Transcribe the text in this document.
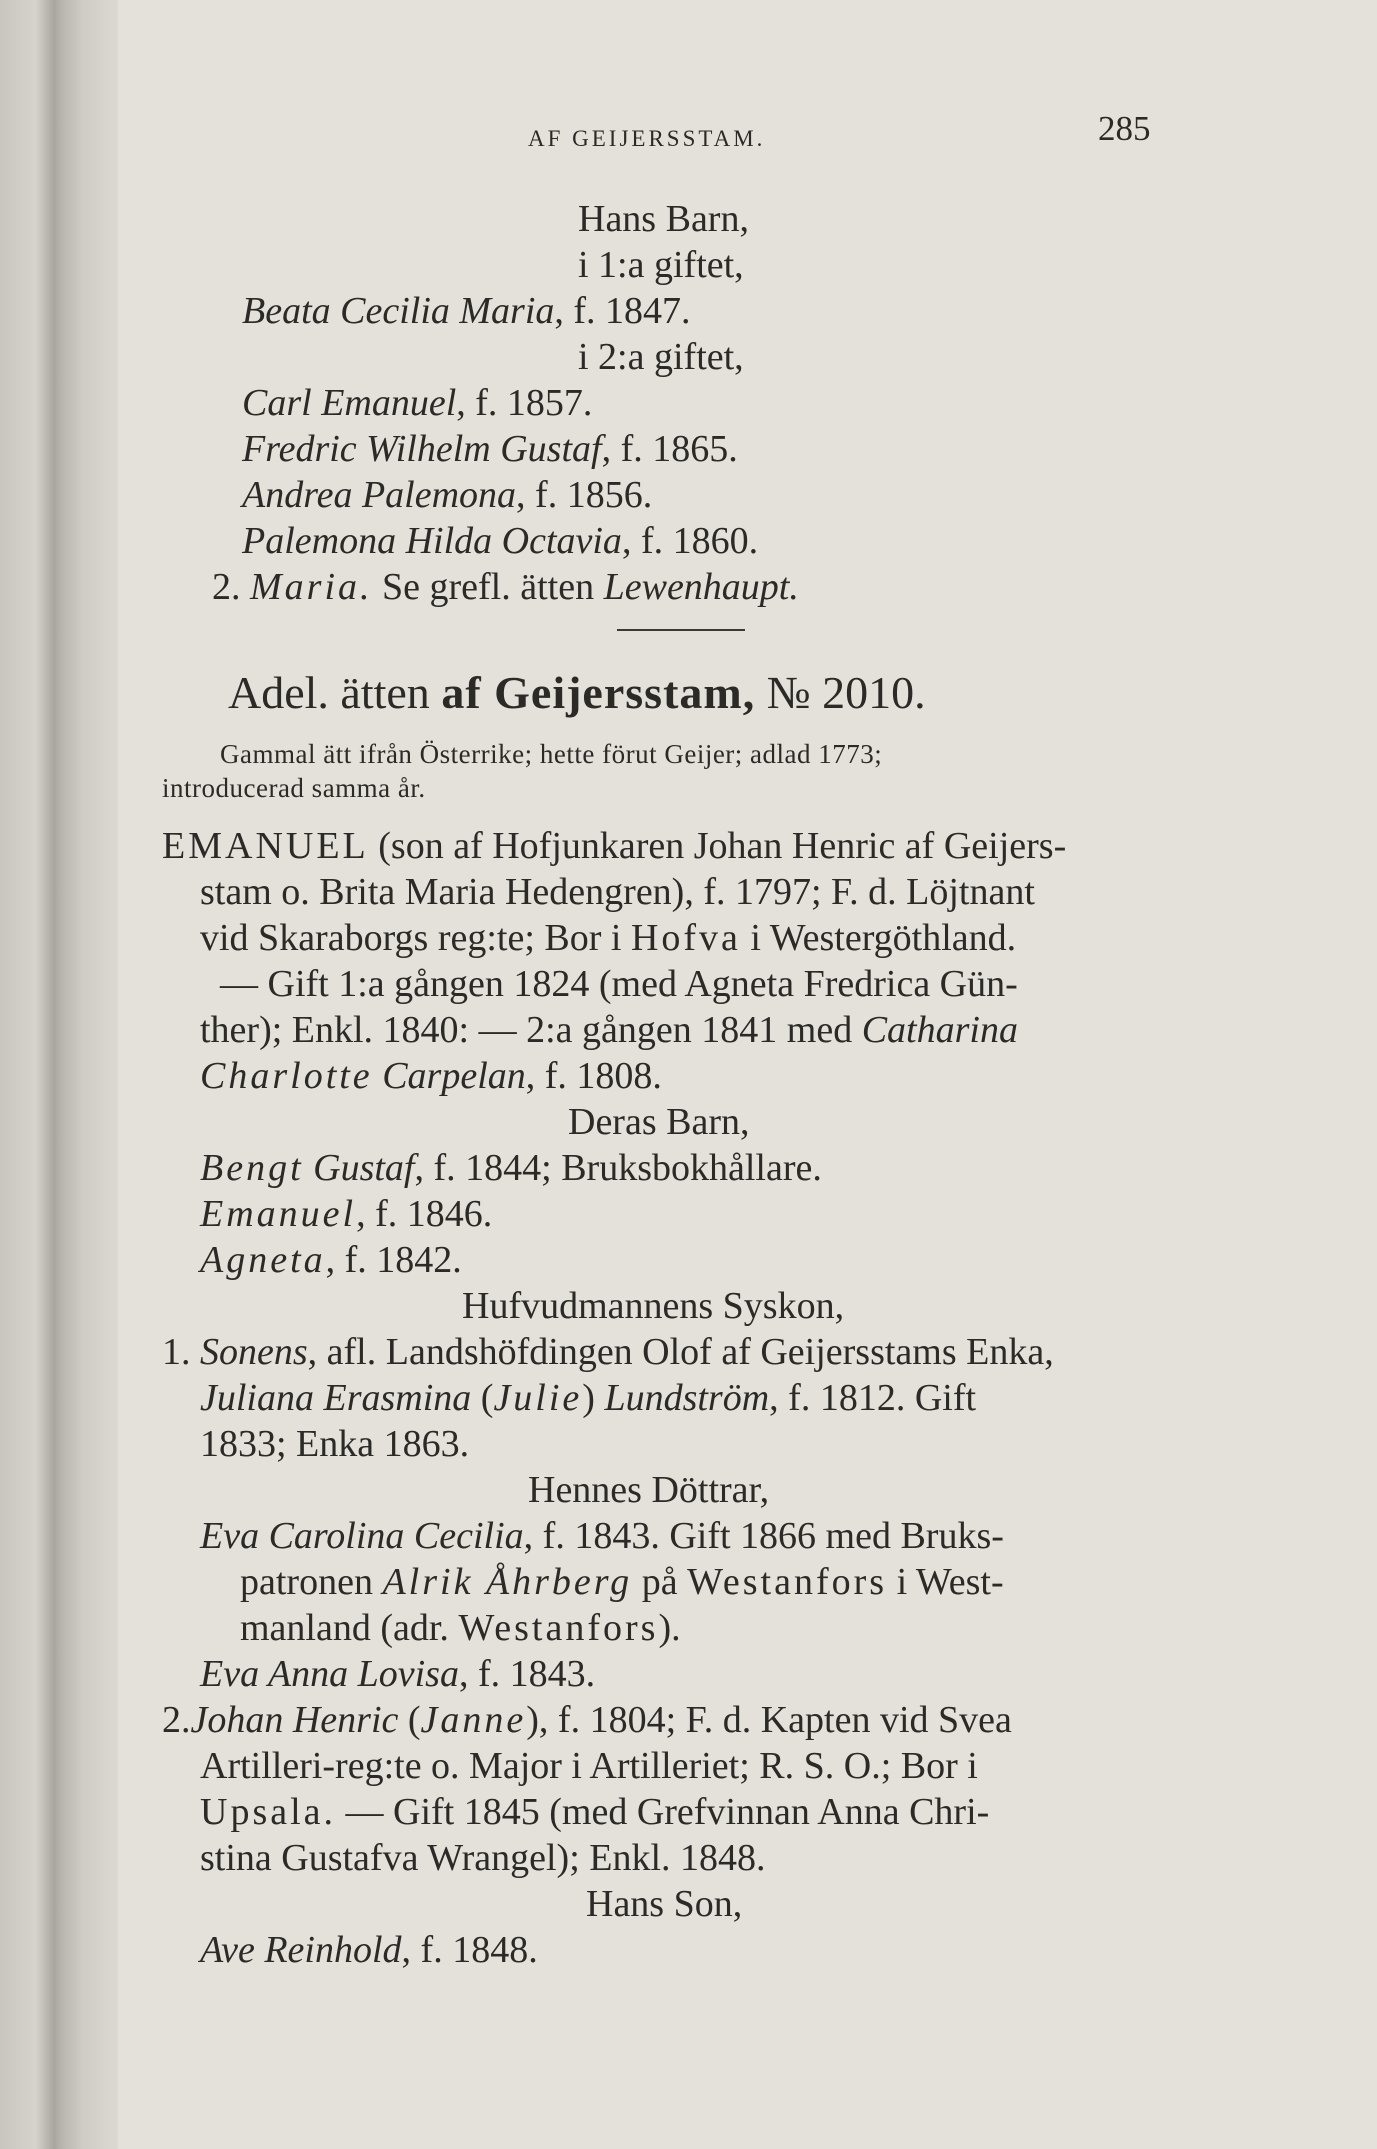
AF GEIJERSSTAM.	285
Hans Barn,
i 1:a giftet,
Beata Cecilia Maria, f. 1847.
i 2:a giftet,
Carl Emanuel, f. 1857.
Fredric Wilhelm Gustaf, f. 1865.
Andrea Palemona, f. 1856.
Palemona Hilda Octavia, f. 1860.
2. Maria. Se grefl. ätten Lewenhaupt.
Adel. ätten af Geijersstam, № 2010.
Gammal ätt ifrån Österrike; hette förut Geijer; adlad 1773;
introducerad samma år.
EMANUEL (son af Hofjunkaren Johan Henric af Geijers-
stam o. Brita Maria Hedengren), f. 1797; F. d. Löjtnant
vid Skaraborgs reg:te; Bor i Hofva i Westergöthland.
— Gift 1:a gången 1824 (med Agneta Fredrica Gün-
ther); Enkl. 1840: — 2:a gången 1841 med Catharina
Charlotte Carpelan, f. 1808.
Deras Barn,
Bengt Gustaf, f. 1844; Bruksbokhållare.
Emanuel, f. 1846.
Agneta, f. 1842.
Hufvudmannens Syskon,
1. Sonens, afl. Landshöfdingen Olof af Geijersstams Enka,
Juliana Erasmina (Julie) Lundström, f. 1812. Gift
1833; Enka 1863.
Hennes Döttrar,
Eva Carolina Cecilia, f. 1843. Gift 1866 med Bruks-
patronen Alrik Åhrberg på Westanfors i West-
manland (adr. Westanfors).
Eva Anna Lovisa, f. 1843.
2.Johan Henric (Janne), f. 1804; F. d. Kapten vid Svea
Artilleri-reg:te o. Major i Artilleriet; R. S. O.; Bor i
Upsala. — Gift 1845 (med Grefvinnan Anna Chri-
stina Gustafva Wrangel); Enkl. 1848.
Hans Son,
Ave Reinhold, f. 1848.
